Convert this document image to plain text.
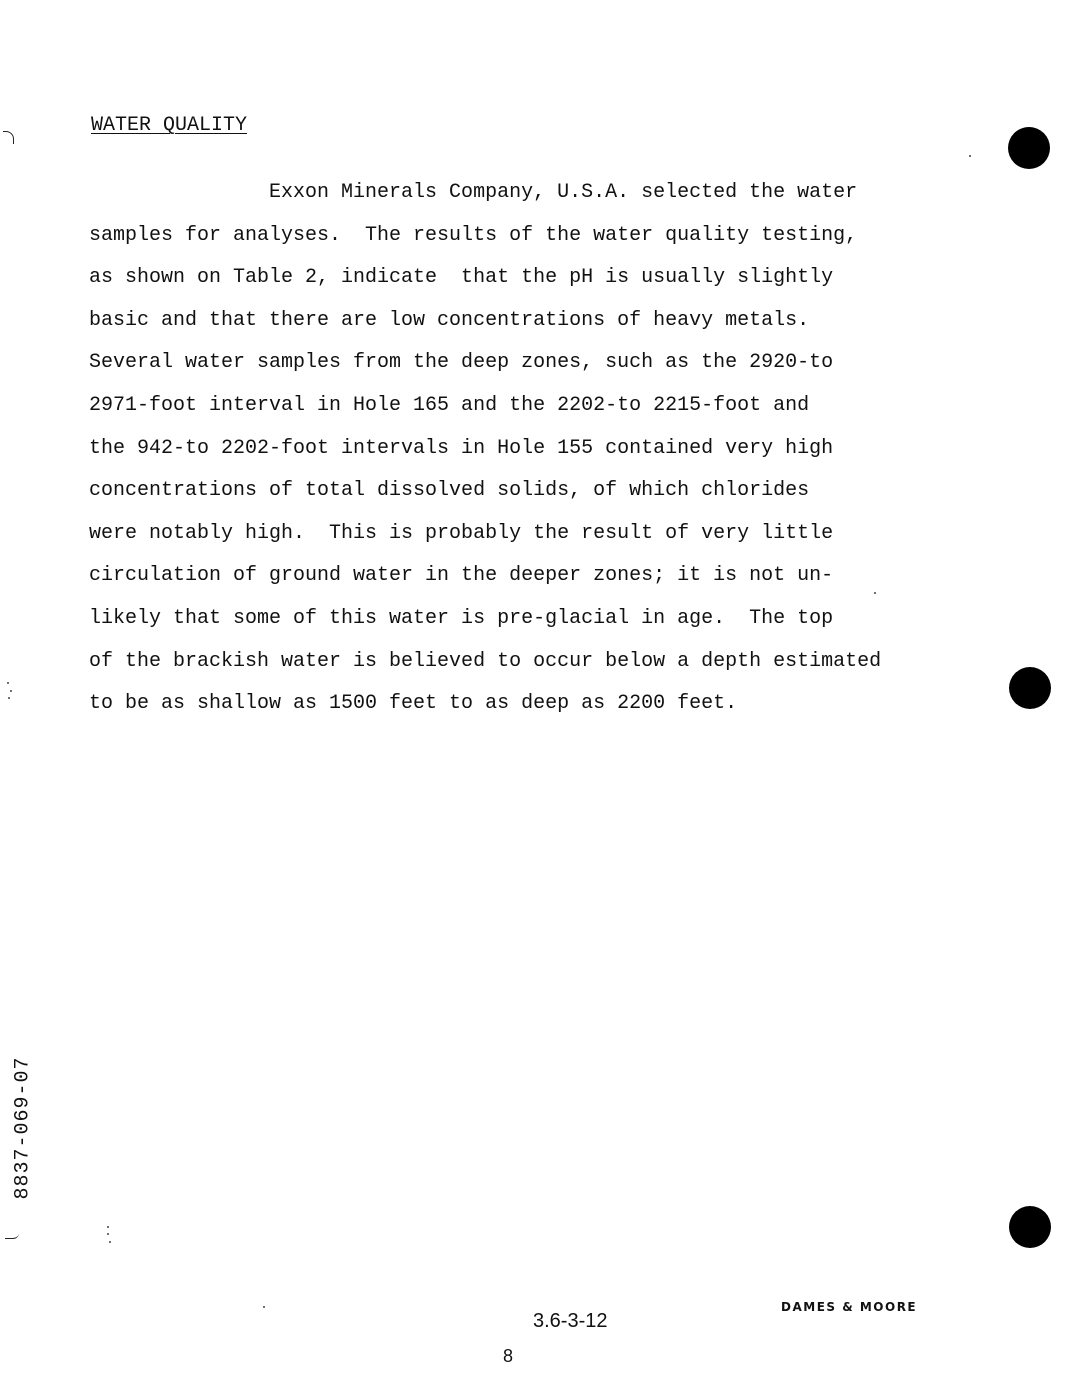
WATER QUALITY
Exxon Minerals Company, U.S.A. selected the water
samples for analyses.  The results of the water quality testing,
as shown on Table 2, indicate  that the pH is usually slightly
basic and that there are low concentrations of heavy metals.
Several water samples from the deep zones, such as the 2920-to
2971-foot interval in Hole 165 and the 2202-to 2215-foot and
the 942-to 2202-foot intervals in Hole 155 contained very high
concentrations of total dissolved solids, of which chlorides
were notably high.  This is probably the result of very little
circulation of ground water in the deeper zones; it is not un-
likely that some of this water is pre-glacial in age.  The top
of the brackish water is believed to occur below a depth estimated
to be as shallow as 1500 feet to as deep as 2200 feet.
8837-069-07
3.6-3-12
8
DAMES & MOORE
